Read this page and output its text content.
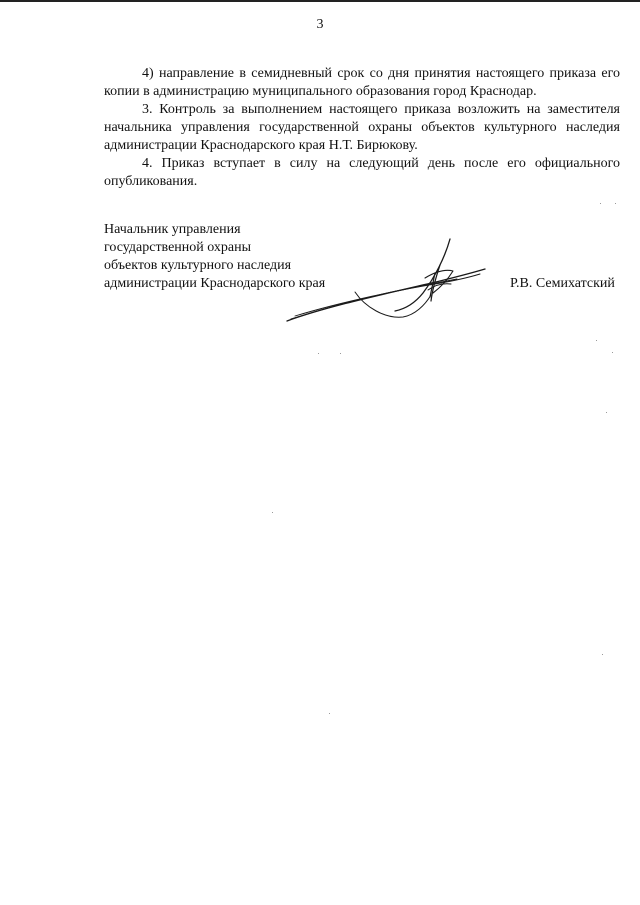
3

4) направление в семидневный срок со дня принятия настоящего приказа его копии в администрацию муниципального образования город Краснодар.

3. Контроль за выполнением настоящего приказа возложить на заместителя начальника управления государственной охраны объектов культурного наследия администрации Краснодарского края Н.Т. Бирюкову.

4. Приказ вступает в силу на следующий день после его официального опубликования.

Начальник управления
государственной охраны
объектов культурного наследия
администрации Краснодарского края	Р.В. Семихатский
